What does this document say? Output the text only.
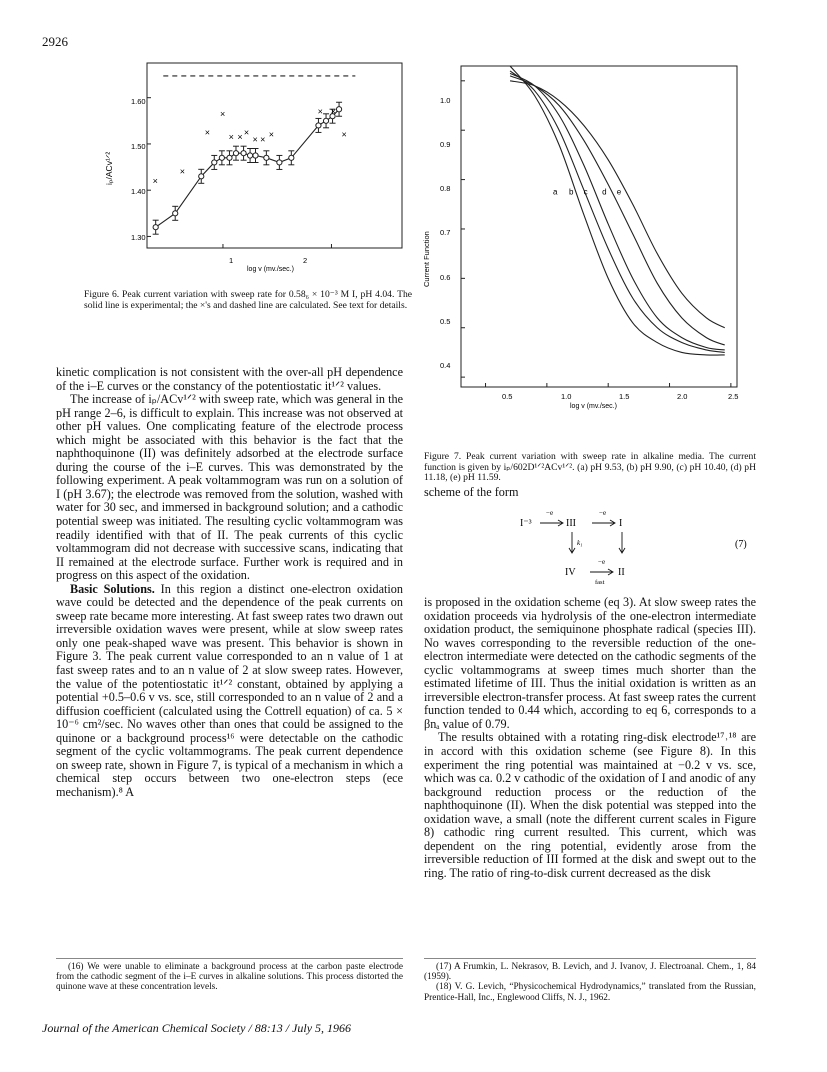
2926
1.60
1.50
1.40
1.30
1	2
log v (mv./sec.)
iₚ/ACv¹ᐟ²	×
×
×
×
× × ×
× × ×
× ×
×
Figure 6. Peak current variation with sweep rate for 0.58₆ × 10⁻³ M I, pH 4.04. The solid line is experimental; the ×'s and dashed line are calculated. See text for details.
1.0
0.9
0.8
0.7
0.6
0.5
0.4
0.5	1.0	1.5	2.0	2.5
log v (mv./sec.)
Current Function
a b c d e
Figure 7. Peak current variation with sweep rate in alkaline media. The current function is given by iₚ/602D¹ᐟ²ACv¹ᐟ². (a) pH 9.53, (b) pH 9.90, (c) pH 10.40, (d) pH 11.18, (e) pH 11.59.

kinetic complication is not consistent with the over-all pH dependence of the i–E curves or the constancy of the potentiostatic it¹ᐟ² values.

The increase of iₚ/ACv¹ᐟ² with sweep rate, which was general in the pH range 2–6, is difficult to explain. This increase was not observed at other pH values. One complicating feature of the electrode process which might be associated with this behavior is the fact that the naphthoquinone (II) was definitely adsorbed at the electrode surface during the course of the i–E curves. This was demonstrated by the following experiment. A peak voltammogram was run on a solution of I (pH 3.67); the electrode was removed from the solution, washed with water for 30 sec, and immersed in background solution; and a cathodic potential sweep was initiated. The resulting cyclic voltammogram was readily identified with that of II. The peak currents of this cyclic voltammogram did not decrease with successive scans, indicating that II remained at the electrode surface. Further work is required and in progress on this aspect of the oxidation.

Basic Solutions. In this region a distinct one-electron oxidation wave could be detected and the dependence of the peak currents on sweep rate became more interesting. At fast sweep rates two drawn out irreversible oxidation waves were present, while at slow sweep rates only one peak-shaped wave was present. This behavior is shown in Figure 3. The peak current value corresponded to an n value of 1 at fast sweep rates and to an n value of 2 at slow sweep rates. However, the value of the potentiostatic it¹ᐟ² constant, obtained by applying a potential +0.5–0.6 v vs. sce, still corresponded to an n value of 2 and a diffusion coefficient (calculated using the Cottrell equation) of ca. 5 × 10⁻⁶ cm²/sec. No waves other than ones that could be assigned to the quinone or a background process¹⁶ were detectable on the cathodic segment of the cyclic voltammograms. The peak current dependence on sweep rate, shown in Figure 7, is typical of a mechanism in which a chemical step occurs between two one-electron steps (ece mechanism).⁸ A

scheme of the form
I⁻³
−e
III
−e
I
k₁	(7)
IV
−e
II
fast

is proposed in the oxidation scheme (eq 3). At slow sweep rates the oxidation proceeds via hydrolysis of the one-electron intermediate oxidation product, the semiquinone phosphate radical (species III). No waves corresponding to the reversible reduction of the one-electron intermediate were detected on the cathodic segments of the cyclic voltammograms at sweep times much shorter than the estimated lifetime of III. Thus the initial oxidation is written as an irreversible electron-transfer process. At fast sweep rates the current function tended to 0.44 which, according to eq 6, corresponds to a βnₐ value of 0.79.

The results obtained with a rotating ring-disk electrode¹⁷˒¹⁸ are in accord with this oxidation scheme (see Figure 8). In this experiment the ring potential was maintained at −0.2 v vs. sce, which was ca. 0.2 v cathodic of the oxidation of I and anodic of any background reduction process or the reduction of the naphthoquinone (II). When the disk potential was stepped into the oxidation wave, a small (note the different current scales in Figure 8) cathodic ring current resulted. This current, which was dependent on the ring potential, evidently arose from the irreversible reduction of III formed at the disk and swept out to the ring. The ratio of ring-to-disk current decreased as the disk

(16) We were unable to eliminate a background process at the carbon paste electrode from the cathodic segment of the i–E curves in alkaline solutions. This process distorted the quinone wave at these concentration levels.

(17) A Frumkin, L. Nekrasov, B. Levich, and J. Ivanov, J. Electroanal. Chem., 1, 84 (1959).

(18) V. G. Levich, “Physicochemical Hydrodynamics,” translated from the Russian, Prentice-Hall, Inc., Englewood Cliffs, N. J., 1962.

Journal of the American Chemical Society / 88:13 / July 5, 1966
